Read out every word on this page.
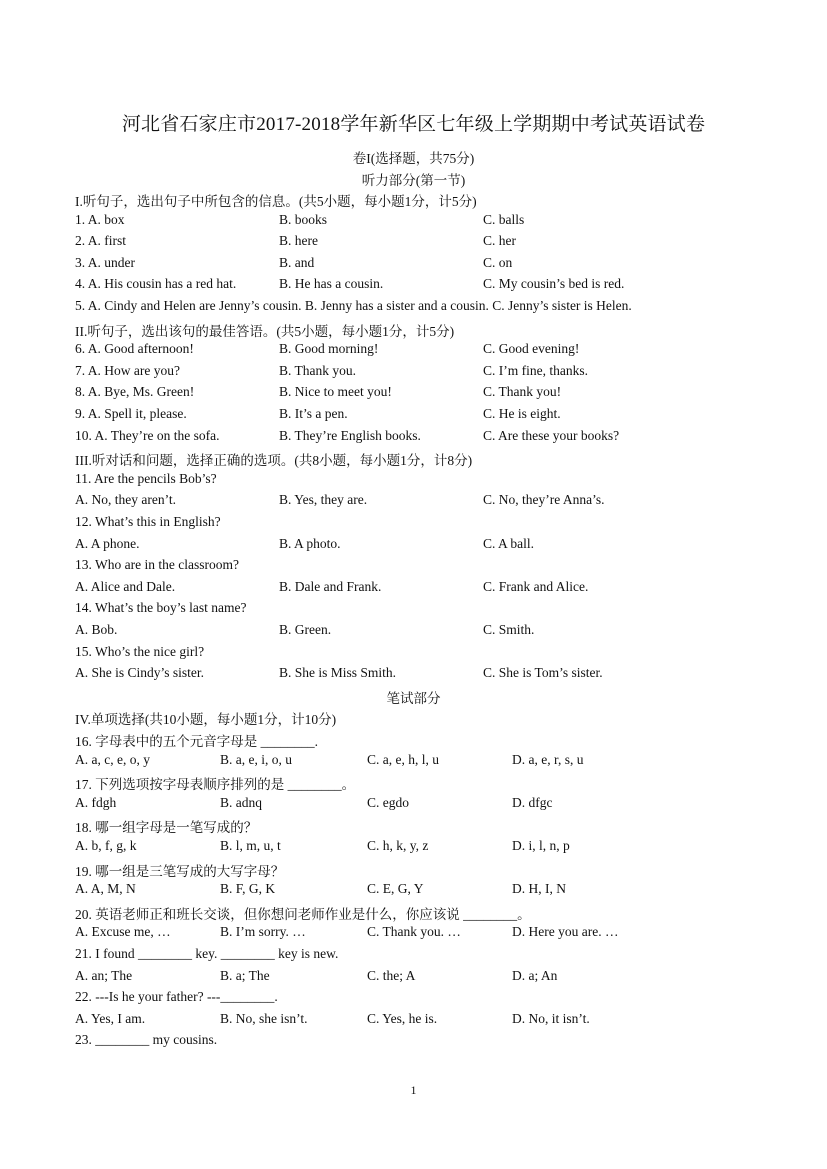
河北省石家庄市2017-2018学年新华区七年级上学期期中考试英语试卷
卷I(选择题，共75分)
听力部分(第一节)
I.听句子，选出句子中所包含的信息。(共5小题，每小题1分，计5分)
1. A. box	B. books	C. balls
2. A. first	B. here	C. her
3. A. under	B. and	C. on
4. A. His cousin has a red hat.	B. He has a cousin.	C. My cousin’s bed is red.
5. A. Cindy and Helen are Jenny’s cousin. B. Jenny has a sister and a cousin. C. Jenny’s sister is Helen.
II.听句子，选出该句的最佳答语。(共5小题，每小题1分，计5分)
6. A. Good afternoon!	B. Good morning!	C. Good evening!
7. A. How are you?	B. Thank you.	C. I’m fine, thanks.
8. A. Bye, Ms. Green!	B. Nice to meet you!	C. Thank you!
9. A. Spell it, please.	B. It’s a pen.	C. He is eight.
10. A. They’re on the sofa.	B. They’re English books.	C. Are these your books?
III.听对话和问题，选择正确的选项。(共8小题，每小题1分，计8分)
11. Are the pencils Bob’s?
A. No, they aren’t.	B. Yes, they are.	C. No, they’re Anna’s.
12. What’s this in English?
A. A phone.	B. A photo.	C. A ball.
13. Who are in the classroom?
A. Alice and Dale.	B. Dale and Frank.	C. Frank and Alice.
14. What’s the boy’s last name?
A. Bob.	B. Green.	C. Smith.
15. Who’s the nice girl?
A. She is Cindy’s sister.	B. She is Miss Smith.	C. She is Tom’s sister.
笔试部分
IV.单项选择(共10小题，每小题1分，计10分)
16. 字母表中的五个元音字母是 ________.
A. a, c, e, o, y	B. a, e, i, o, u	C. a, e, h, l, u	D. a, e, r, s, u
17. 下列选项按字母表顺序排列的是 ________。
A. fdgh	B. adnq	C. egdo	D. dfgc
18. 哪一组字母是一笔写成的？
A. b, f, g, k	B. l, m, u, t	C. h, k, y, z	D. i, l, n, p
19. 哪一组是三笔写成的大写字母？
A. A, M, N	B. F, G, K	C. E, G, Y	D. H, I, N
20. 英语老师正和班长交谈，但你想问老师作业是什么，你应该说 ________。
A. Excuse me, …	B. I’m sorry. …	C. Thank you. …	D. Here you are. …
21. I found ________ key. ________ key is new.
A. an; The	B. a; The	C. the; A	D. a; An
22. ---Is he your father? ---________.
A. Yes, I am.	B. No, she isn’t.	C. Yes, he is.	D. No, it isn’t.
23. ________ my cousins.
1
